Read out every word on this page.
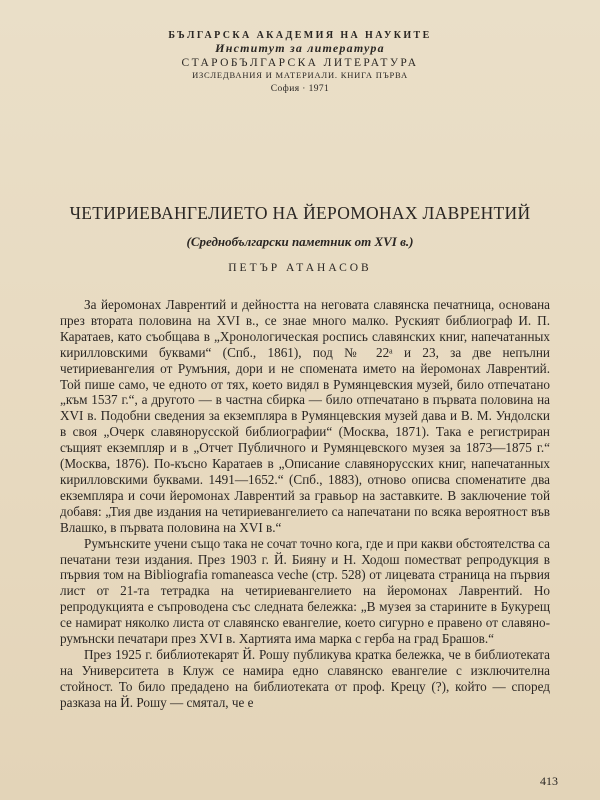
БЪЛГАРСКА АКАДЕМИЯ НА НАУКИТЕ
Институт за литература
СТАРОБЪЛГАРСКА ЛИТЕРАТУРА
ИЗСЛЕДВАНИЯ И МАТЕРИАЛИ. КНИГА ПЪРВА
София · 1971
ЧЕТИРИЕВАНГЕЛИЕТО НА ЙЕРОМОНАХ ЛАВРЕНТИЙ
(Среднобългарски паметник от XVI в.)
ПЕТЪР АТАНАСОВ

За йеромонах Лаврентий и дейността на неговата славянска печатница, основана през втората половина на XVI в., се знае много малко. Руският библиограф И. П. Каратаев, като съобщава в „Хронологическая роспись славянских книг, напечатанных кирилловскими буквами“ (Спб., 1861), под № 22ᵃ и 23, за две непълни четириевангелия от Румъния, дори и не спомената името на йеромонах Лаврентий. Той пише само, че едното от тях, което видял в Румянцевския музей, било отпечатано „към 1537 г.“, а другото — в частна сбирка — било отпечатано в първата половина на XVI в. Подобни сведения за екземпляра в Румянцевския музей дава и В. М. Ундолски в своя „Очерк славянорусской библиографии“ (Москва, 1871). Така е регистриран същият екземпляр и в „Отчет Публичного и Румянцевского музея за 1873—1875 г.“ (Москва, 1876). По-късно Каратаев в „Описание славянорусских книг, напечатанных кирилловскими буквами. 1491—1652.“ (Спб., 1883), отново описва споменатите два екземпляра и сочи йеромонах Лаврентий за гравьор на заставките. В заключение той добавя: „Тия две издания на четириевангелието са напечатани по всяка вероятност във Влашко, в първата половина на XVI в.“

Румънските учени също така не сочат точно кога, где и при какви обстоятелства са печатани тези издания. През 1903 г. Й. Бияну и Н. Ходош поместват репродукция в първия том на Bibliografia romaneasca veche (стр. 528) от лицевата страница на първия лист от 21-та тетрадка на четириевангелието на йеромонах Лаврентий. Но репродукцията е съпроводена със следната бележка: „В музея за старините в Букурещ се намират няколко листа от славянско евангелие, което сигурно е правено от славяно-румънски печатари през XVI в. Хартията има марка с герба на град Брашов.“

През 1925 г. библиотекарят Й. Рошу публикува кратка бележка, че в библиотеката на Университета в Клуж се намира едно славянско евангелие с изключителна стойност. То било предадено на библиотеката от проф. Крецу (?), който — според разказа на Й. Рошу — смятал, че е

413
